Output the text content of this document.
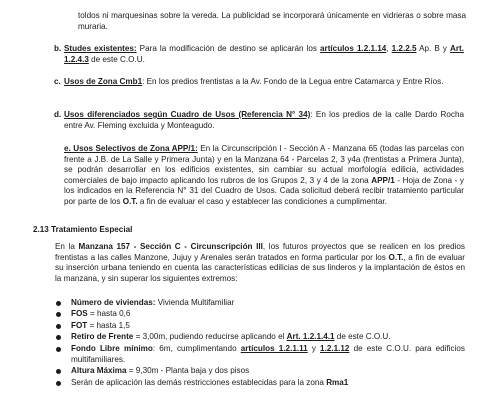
toldos ni marquesinas sobre la vereda. La publicidad se incorporará únicamente en vidrieras o sobre masa muraria.
b. Studes existentes: Para la modificación de destino se aplicarán los artículos 1.2.1.14, 1.2.2.5 Ap. B y Art. 1.2.4.3 de este C.O.U.
c. Usos de Zona Cmb1: En los predios frentistas a la Av. Fondo de la Legua entre Catamarca y Entre Ríos.
d. Usos diferenciados según Cuadro de Usos (Referencia N° 34): En los predios de la calle Dardo Rocha entre Av. Fleming excluida y Monteagudo.
e. Usos Selectivos de Zona APP/1: En la Circunscripción I - Sección A - Manzana 65 (todas las parcelas con frente a J.B. de La Salle y Primera Junta) y en la Manzana 64 - Parcelas 2, 3 y4a (frentistas a Primera Junta), se podrán desarrollar en los edificios existentes, sin cambiar su actual morfología edilicia, actividades comerciales de bajo impacto aplicando los rubros de los Grupos 2, 3 y 4 de la zona APP/1 - Hoja de Zona - y los indicados en la Referencia N° 31 del Cuadro de Usos. Cada solicitud deberá recibir tratamiento particular por parte de los O.T. a fin de evaluar el caso y establecer las condiciones a cumplimentar.
2.13 Tratamiento Especial
En la Manzana 157 - Sección C - Circunscripción III, los futuros proyectos que se realicen en los predios frentistas a las calles Manzone, Jujuy y Arenales serán tratados en forma particular por los O.T., a fin de evaluar su inserción urbana teniendo en cuenta las características edilicias de sus linderos y la implantación de éstos en la manzana, y sin superar los siguientes extremos:
Número de viviendas: Vivienda Multifamiliar
FOS = hasta 0,6
FOT = hasta 1,5
Retiro de Frente = 3,00m, pudiendo reducirse aplicando el Art. 1.2.1.4.1 de este C.O.U.
Fondo Libre mínimo: 6m, cumplimentando artículos 1.2.1.11 y 1.2.1.12 de este C.O.U. para edificios multifamiliares.
Altura Máxima = 9,30m - Planta baja y dos pisos
Serán de aplicación las demás restricciones establecidas para la zona Rma1
